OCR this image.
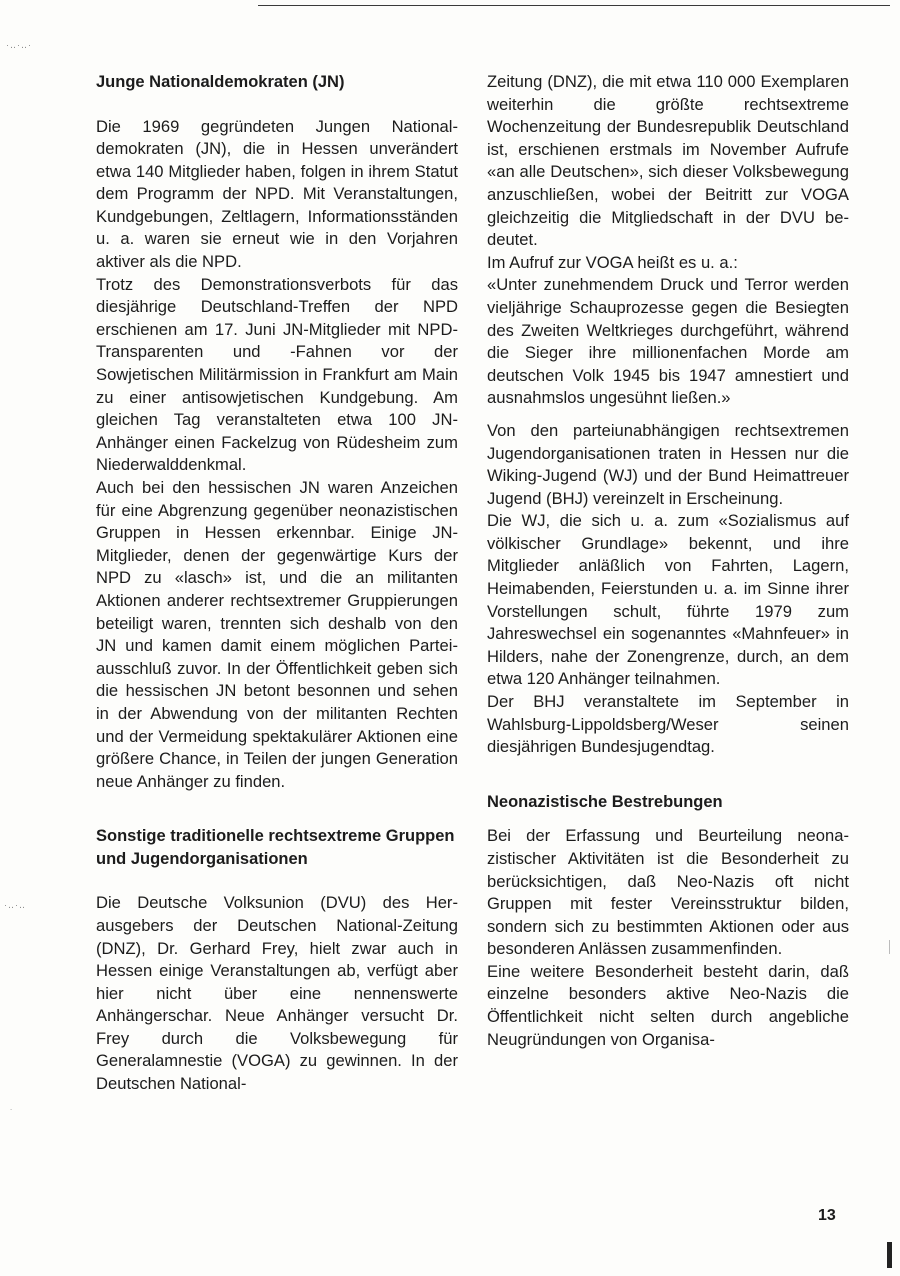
·‥·‥·
·‥·‥
˙
Junge Nationaldemokraten (JN)

Die 1969 gegründeten Jungen Nationaldemokraten (JN), die in Hessen unverändert etwa 140 Mitglieder haben, folgen in ihrem Statut dem Programm der NPD. Mit Veranstaltungen, Kundgebungen, Zeltlagern, Informationsständen u. a. waren sie erneut wie in den Vorjahren aktiver als die NPD.

Trotz des Demonstrationsverbots für das diesjährige Deutschland-Treffen der NPD erschienen am 17. Juni JN-Mitglieder mit NPD-Transparenten und -Fahnen vor der Sowjetischen Militärmission in Frankfurt am Main zu einer antisowjetischen Kundgebung. Am gleichen Tag veranstalteten etwa 100 JN-Anhänger einen Fackelzug von Rüdesheim zum Niederwalddenkmal.

Auch bei den hessischen JN waren Anzeichen für eine Abgrenzung gegenüber neonazistischen Gruppen in Hessen erkennbar. Einige JN-Mitglieder, denen der gegenwärtige Kurs der NPD zu «lasch» ist, und die an militanten Aktionen anderer rechtsextremer Gruppierungen beteiligt waren, trennten sich deshalb von den JN und kamen damit einem möglichen Parteiausschluß zuvor. In der Öffentlichkeit geben sich die hessischen JN betont besonnen und sehen in der Abwendung von der militanten Rechten und der Vermeidung spektakulärer Aktionen eine größere Chance, in Teilen der jungen Generation neue Anhänger zu finden.

Sonstige traditionelle rechtsextreme Gruppen und Jugendorganisationen

Die Deutsche Volksunion (DVU) des Herausgebers der Deutschen National-Zeitung (DNZ), Dr. Gerhard Frey, hielt zwar auch in Hessen einige Veranstaltungen ab, verfügt aber hier nicht über eine nennenswerte Anhängerschar. Neue Anhänger versucht Dr. Frey durch die Volksbewegung für Generalamnestie (VOGA) zu gewinnen. In der Deutschen National-

Zeitung (DNZ), die mit etwa 110 000 Exemplaren weiterhin die größte rechtsextreme Wochenzeitung der Bundesrepublik Deutschland ist, erschienen erstmals im November Aufrufe «an alle Deutschen», sich dieser Volksbewegung anzuschließen, wobei der Beitritt zur VOGA gleichzeitig die Mitgliedschaft in der DVU bedeutet.

Im Aufruf zur VOGA heißt es u. a.:

«Unter zunehmendem Druck und Terror werden vieljährige Schauprozesse gegen die Besiegten des Zweiten Weltkrieges durchgeführt, während die Sieger ihre millionenfachen Morde am deutschen Volk 1945 bis 1947 amnestiert und ausnahmslos ungesühnt ließen.»

Von den parteiunabhängigen rechtsextremen Jugendorganisationen traten in Hessen nur die Wiking-Jugend (WJ) und der Bund Heimattreuer Jugend (BHJ) vereinzelt in Erscheinung.

Die WJ, die sich u. a. zum «Sozialismus auf völkischer Grundlage» bekennt, und ihre Mitglieder anläßlich von Fahrten, Lagern, Heimabenden, Feierstunden u. a. im Sinne ihrer Vorstellungen schult, führte 1979 zum Jahreswechsel ein sogenanntes «Mahnfeuer» in Hilders, nahe der Zonengrenze, durch, an dem etwa 120 Anhänger teilnahmen.

Der BHJ veranstaltete im September in Wahlsburg-Lippoldsberg/Weser seinen diesjährigen Bundesjugendtag.

Neonazistische Bestrebungen

Bei der Erfassung und Beurteilung neonazistischer Aktivitäten ist die Besonderheit zu berücksichtigen, daß Neo-Nazis oft nicht Gruppen mit fester Vereinsstruktur bilden, sondern sich zu bestimmten Aktionen oder aus besonderen Anlässen zusammenfinden.

Eine weitere Besonderheit besteht darin, daß einzelne besonders aktive Neo-Nazis die Öffentlichkeit nicht selten durch angebliche Neugründungen von Organisa-

13
